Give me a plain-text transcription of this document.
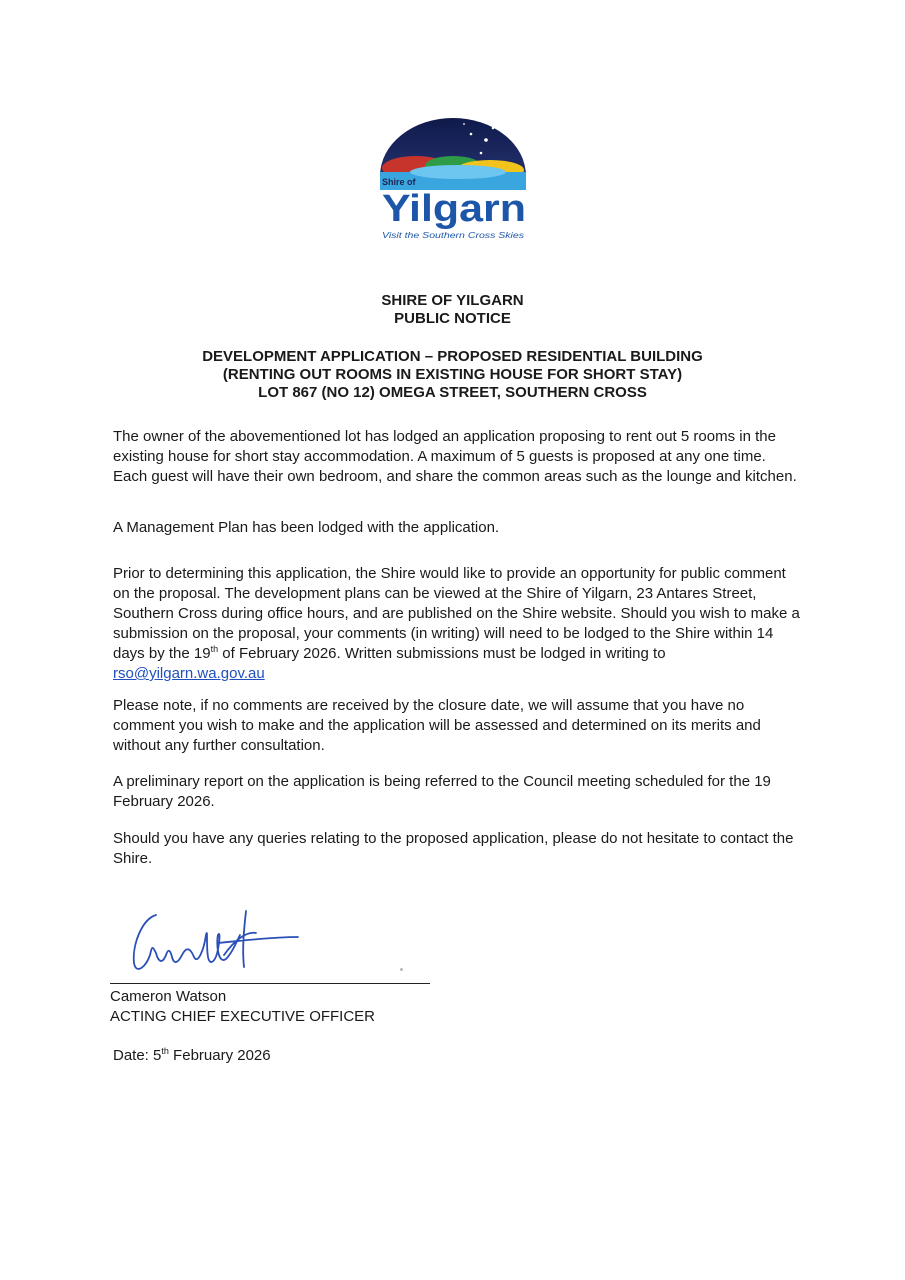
Shire of
Yilgarn
Visit the Southern Cross Skies
SHIRE OF YILGARN
PUBLIC NOTICE
DEVELOPMENT APPLICATION – PROPOSED RESIDENTIAL BUILDING
(RENTING OUT ROOMS IN EXISTING HOUSE FOR SHORT STAY)
LOT 867 (NO 12) OMEGA STREET, SOUTHERN CROSS

The owner of the abovementioned lot has lodged an application proposing to rent out 5 rooms in the existing house for short stay accommodation. A maximum of 5 guests is proposed at any one time. Each guest will have their own bedroom, and share the common areas such as the lounge and kitchen.

A Management Plan has been lodged with the application.

Prior to determining this application, the Shire would like to provide an opportunity for public comment on the proposal. The development plans can be viewed at the Shire of Yilgarn, 23 Antares Street, Southern Cross during office hours, and are published on the Shire website. Should you wish to make a submission on the proposal, your comments (in writing) will need to be lodged to the Shire within 14 days by the 19th of February 2026. Written submissions must be lodged in writing to rso@yilgarn.wa.gov.au

Please note, if no comments are received by the closure date, we will assume that you have no comment you wish to make and the application will be assessed and determined on its merits and without any further consultation.

A preliminary report on the application is being referred to the Council meeting scheduled for the 19 February 2026.

Should you have any queries relating to the proposed application, please do not hesitate to contact the Shire.

Cameron Watson
ACTING CHIEF EXECUTIVE OFFICER
Date: 5th February 2026
